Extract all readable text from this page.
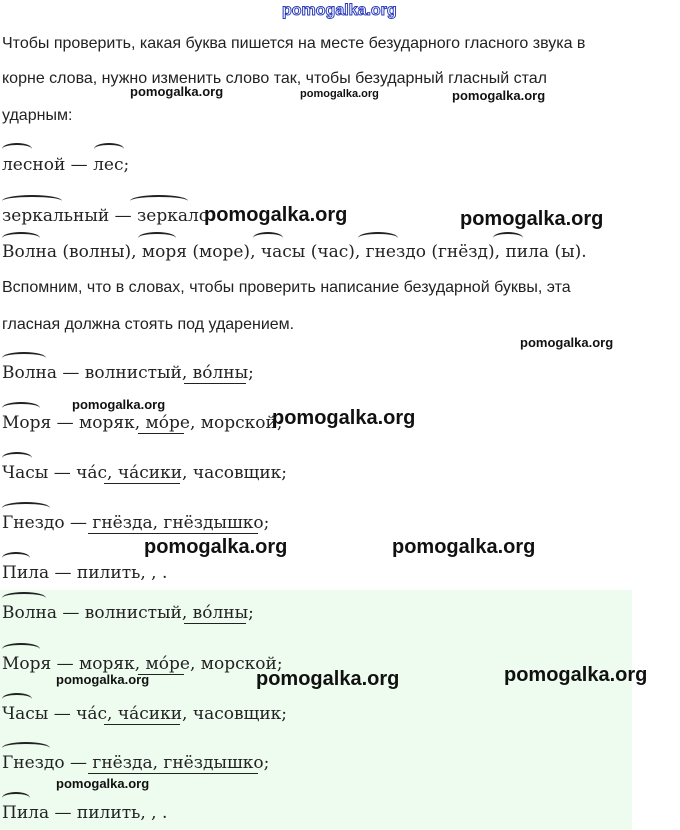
pomogalka.org
Чтобы проверить, какая буква пишется на месте безударного гласного звука в
корне слова, нужно изменить слово так, чтобы безударный гласный стал
ударным:
лесной — лес;
зеркальный — зеркало.
Волна (волны), моря (море), часы (час), гнездо (гнёзд), пила (ы).
Вспомним, что в словах, чтобы проверить написание безударной буквы, эта
гласная должна стоять под ударением.
Волна — волнистый, во́лны;
Моря — моряк, мо́ре, морской;
Часы — ча́с, ча́сики, часовщик;
Гнездо — гнёзда, гнёздышко;
Пила — пилить, , .
Волна — волнистый, во́лны;
Моря — моряк, мо́ре, морской;
Часы — ча́с, ча́сики, часовщик;
Гнездо — гнёзда, гнёздышко;
Пила — пилить, , .
pomogalka.org	pomogalka.org	pomogalka.org
pomogalka.org	pomogalka.org
pomogalka.org
pomogalka.org
pomogalka.org
pomogalka.org	pomogalka.org
pomogalka.org	pomogalka.org	pomogalka.org
pomogalka.org
